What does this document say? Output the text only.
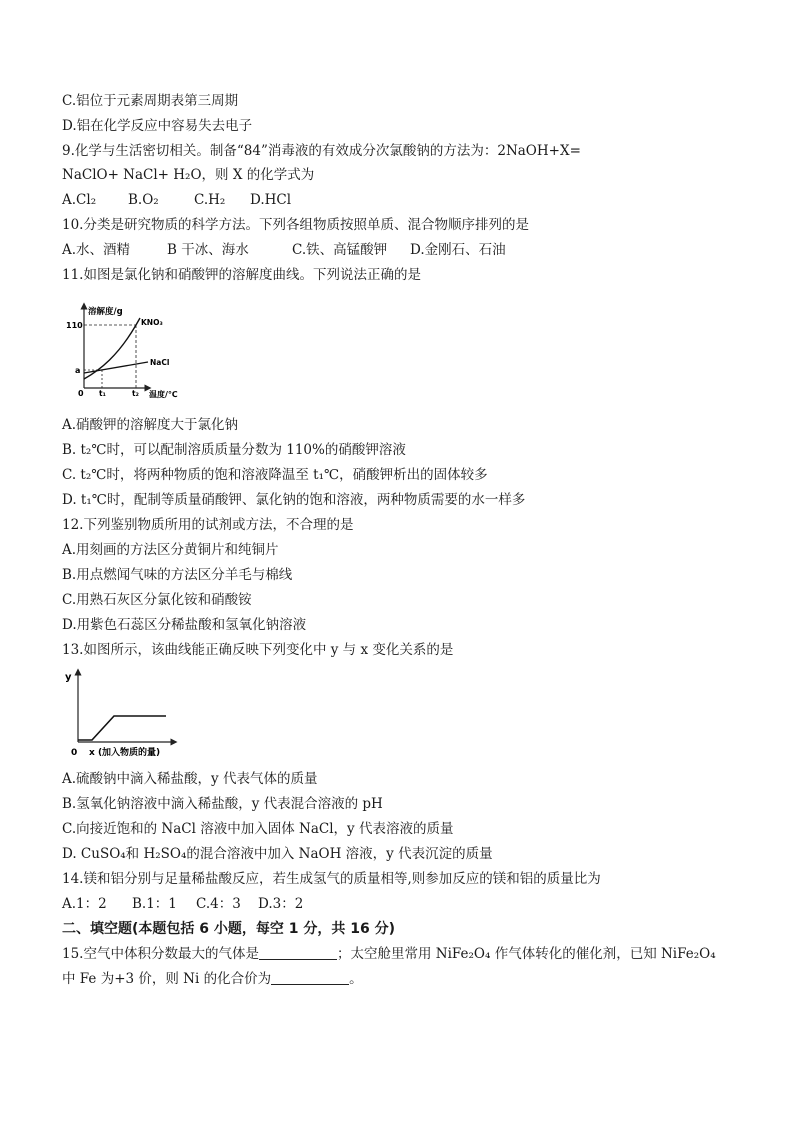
C.铝位于元素周期表第三周期
D.铝在化学反应中容易失去电子
9.化学与生活密切相关。制备“84”消毒液的有效成分次氯酸钠的方法为：2NaOH+X=
NaClO+ NaCl+ H₂O，则 X 的化学式为
A.Cl₂ B.O₂	C.H₂ D.HCl
10.分类是研究物质的科学方法。下列各组物质按照单质、混合物顺序排列的是
A.水、酒精	B 干冰、海水	C.铁、高锰酸钾 D.金刚石、石油
11.如图是氯化钠和硝酸钾的溶解度曲线。下列说法正确的是
溶解度/g
温度/℃
110
a
KNO₃
NaCl
0 t₁	t₂
A.硝酸钾的溶解度大于氯化钠
B. t₂℃时，可以配制溶质质量分数为 110%的硝酸钾溶液
C. t₂℃时，将两种物质的饱和溶液降温至 t₁℃，硝酸钾析出的固体较多
D. t₁℃时，配制等质量硝酸钾、氯化钠的饱和溶液，两种物质需要的水一样多
12.下列鉴别物质所用的试剂或方法，不合理的是
A.用刻画的方法区分黄铜片和纯铜片
B.用点燃闻气味的方法区分羊毛与棉线
C.用熟石灰区分氯化铵和硝酸铵
D.用紫色石蕊区分稀盐酸和氢氧化钠溶液
13.如图所示，该曲线能正确反映下列变化中 y 与 x 变化关系的是
y
0 x (加入物质的量)
A.硫酸钠中滴入稀盐酸，y 代表气体的质量
B.氢氧化钠溶液中滴入稀盐酸，y 代表混合溶液的 pH
C.向接近饱和的 NaCl 溶液中加入固体 NaCl，y 代表溶液的质量
D. CuSO₄和 H₂SO₄的混合溶液中加入 NaOH 溶液，y 代表沉淀的质量
14.镁和铝分别与足量稀盐酸反应，若生成氢气的质量相等,则参加反应的镁和铝的质量比为
A.1：2 B.1：1 C.4：3 D.3：2
二、填空题(本题包括 6 小题，每空 1 分，共 16 分)
15.空气中体积分数最大的气体是	；太空舱里常用 NiFe₂O₄ 作气体转化的催化剂，已知 NiFe₂O₄
中 Fe 为+3 价，则 Ni 的化合价为	。
